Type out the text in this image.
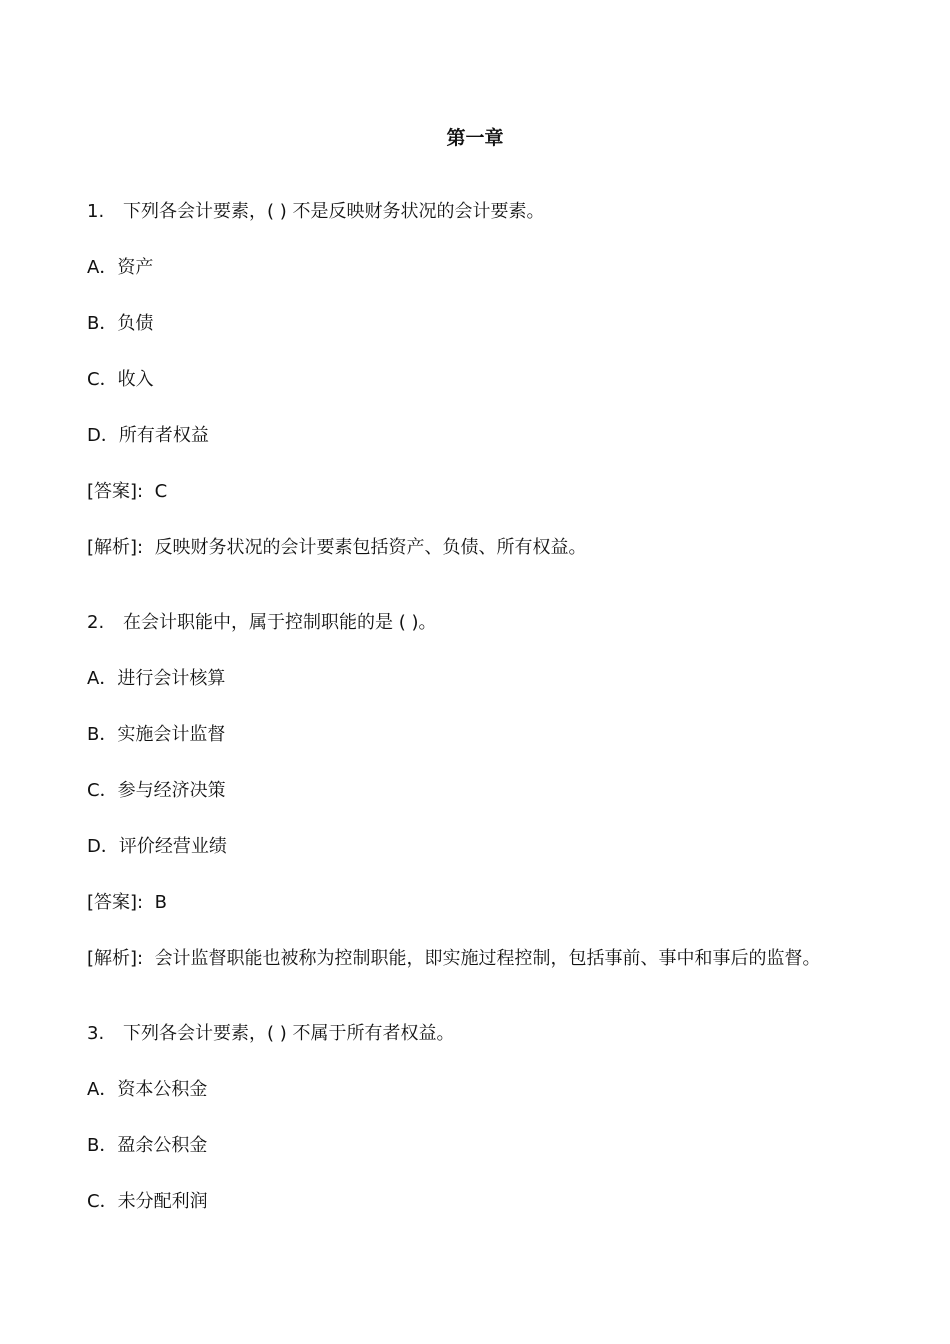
第一章
1. 下列各会计要素，( ) 不是反映财务状况的会计要素。
A．资产
B．负债
C．收入
D．所有者权益
[答案]: C
[解析]: 反映财务状况的会计要素包括资产、负债、所有权益。
2. 在会计职能中，属于控制职能的是 ( )。
A．进行会计核算
B．实施会计监督
C．参与经济决策
D．评价经营业绩
[答案]: B
[解析]: 会计监督职能也被称为控制职能，即实施过程控制，包括事前、事中和事后的监督。
3. 下列各会计要素，( ) 不属于所有者权益。
A．资本公积金
B．盈余公积金
C．未分配利润
